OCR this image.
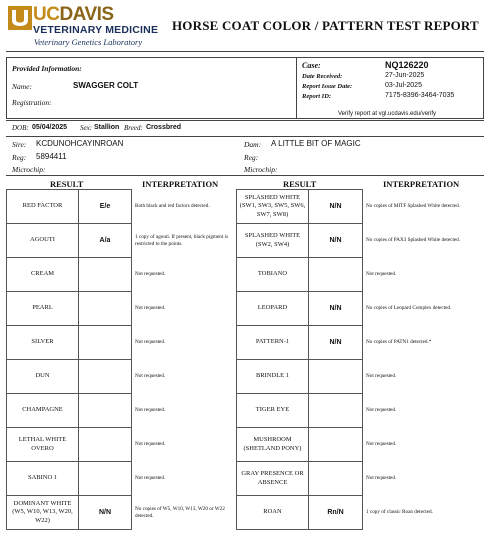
UCDAVIS
VETERINARY MEDICINE
Veterinary Genetics Laboratory
HORSE COAT COLOR / PATTERN TEST REPORT
Provided Information:
Name:	SWAGGER COLT
Registration:
Case:	NQ126220
Date Received:	27-Jun-2025
Report Issue Date:	03-Jul-2025
Report ID:	7175-8396-3464-7035
Verify report at vgl.ucdavis.edu/verify
DOB: 05/04/2025 Sex: Stallion Breed: Crossbred
Sire: KCDUNOHCAYINROAN
Reg: 5894411
Microchip:
Dam: A LITTLE BIT OF MAGIC
Reg:
Microchip:
RESULT	INTERPRETATION	RESULT	INTERPRETATION
RED FACTOR	E/e	Both black and red factors detected.
AGOUTI	A/a	1 copy of agouti. If present, black pigment is restricted to the points.
CREAM		Not requested.
PEARL		Not requested.
SILVER		Not requested.
DUN		Not requested.
CHAMPAGNE		Not requested.
LETHAL WHITE OVERO		Not requested.
SABINO 1		Not requested.
DOMINANT WHITE (W5, W10, W13, W20, W22)	N/N	No copies of W5, W10, W13, W20 or W22 detected.
SPLASHED WHITE (SW1, SW3, SW5, SW6, SW7, SW8)	N/N	No copies of MITF Splashed White detected.
SPLASHED WHITE (SW2, SW4)	N/N	No copies of PAX3 Splashed White detected.
TOBIANO		Not requested.
LEOPARD	N/N	No copies of Leopard Complex detected.
PATTERN-1	N/N	No copies of PATN1 detected.*
BRINDLE 1		Not requested.
TIGER EYE		Not requested.
MUSHROOM (SHETLAND PONY)		Not requested.
GRAY PRESENCE OR ABSENCE		Not requested.
ROAN	Rn/N	1 copy of classic Roan detected.
